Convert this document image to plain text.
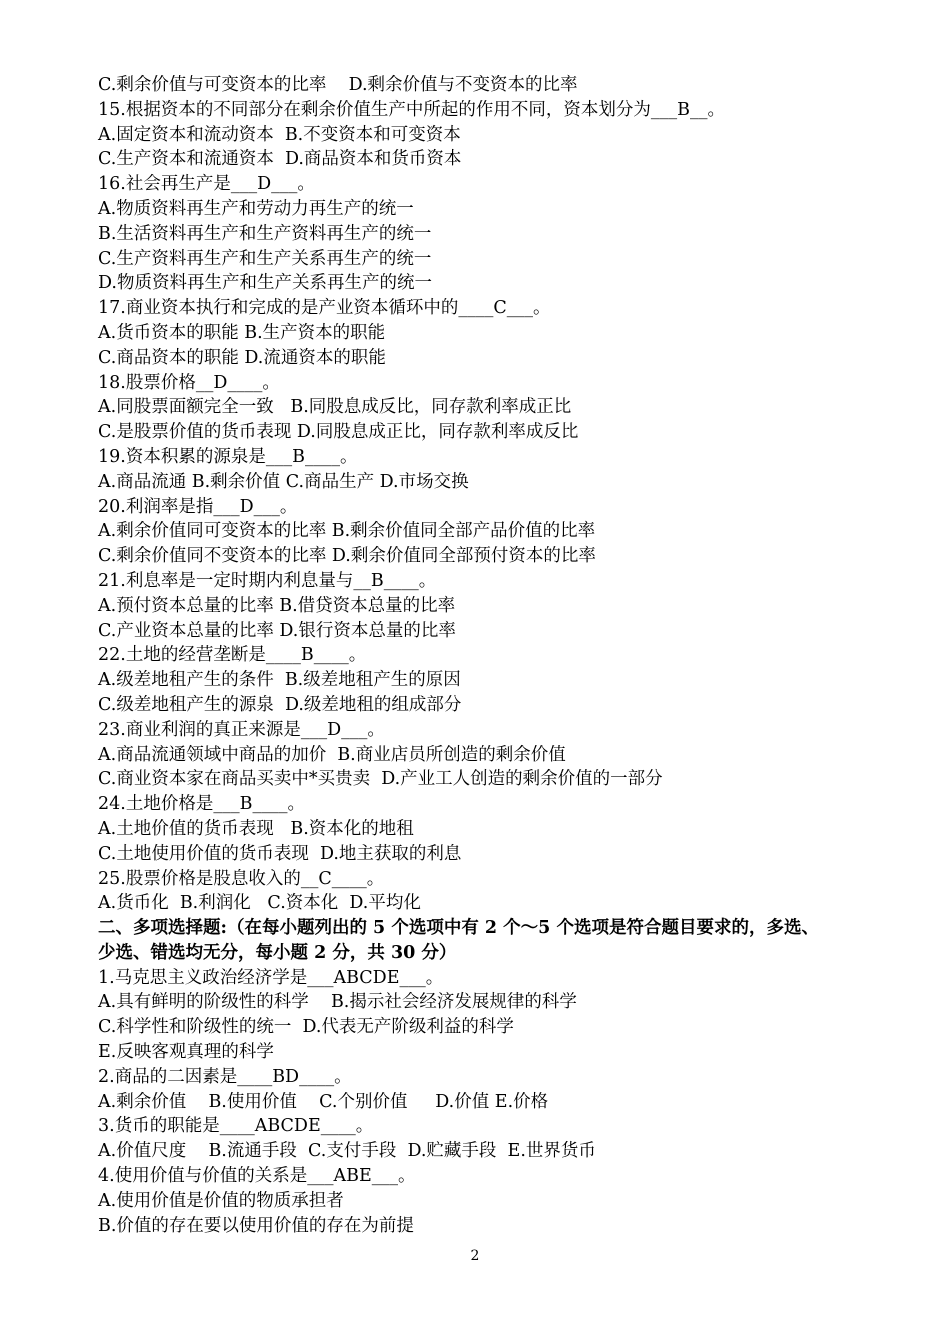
C.剩余价值与可变资本的比率    D.剩余价值与不变资本的比率
15.根据资本的不同部分在剩余价值生产中所起的作用不同，资本划分为___B__。
A.固定资本和流动资本  B.不变资本和可变资本
C.生产资本和流通资本  D.商品资本和货币资本
16.社会再生产是___D___。
A.物质资料再生产和劳动力再生产的统一
B.生活资料再生产和生产资料再生产的统一
C.生产资料再生产和生产关系再生产的统一
D.物质资料再生产和生产关系再生产的统一
17.商业资本执行和完成的是产业资本循环中的____C___。
A.货币资本的职能 B.生产资本的职能
C.商品资本的职能 D.流通资本的职能
18.股票价格__D____。
A.同股票面额完全一致   B.同股息成反比，同存款利率成正比
C.是股票价值的货币表现 D.同股息成正比，同存款利率成反比
19.资本积累的源泉是___B____。
A.商品流通 B.剩余价值 C.商品生产 D.市场交换
20.利润率是指___D___。
A.剩余价值同可变资本的比率 B.剩余价值同全部产品价值的比率
C.剩余价值同不变资本的比率 D.剩余价值同全部预付资本的比率
21.利息率是一定时期内利息量与__B____。
A.预付资本总量的比率 B.借贷资本总量的比率
C.产业资本总量的比率 D.银行资本总量的比率
22.土地的经营垄断是____B____。
A.级差地租产生的条件  B.级差地租产生的原因
C.级差地租产生的源泉  D.级差地租的组成部分
23.商业利润的真正来源是___D___。
A.商品流通领域中商品的加价  B.商业店员所创造的剩余价值
C.商业资本家在商品买卖中*买贵卖  D.产业工人创造的剩余价值的一部分
24.土地价格是___B____。
A.土地价值的货币表现   B.资本化的地租
C.土地使用价值的货币表现  D.地主获取的利息
25.股票价格是股息收入的__C____。
A.货币化  B.利润化   C.资本化  D.平均化
二、多项选择题:（在每小题列出的 5 个选项中有 2 个～5 个选项是符合题目要求的，多选、
少选、错选均无分，每小题 2 分，共 30 分）
1.马克思主义政治经济学是___ABCDE___。
A.具有鲜明的阶级性的科学    B.揭示社会经济发展规律的科学
C.科学性和阶级性的统一  D.代表无产阶级利益的科学
E.反映客观真理的科学
2.商品的二因素是____BD____。
A.剩余价值    B.使用价值    C.个别价值     D.价值 E.价格
3.货币的职能是____ABCDE____。
A.价值尺度    B.流通手段  C.支付手段  D.贮藏手段  E.世界货币
4.使用价值与价值的关系是___ABE___。
A.使用价值是价值的物质承担者
B.价值的存在要以使用价值的存在为前提
2
